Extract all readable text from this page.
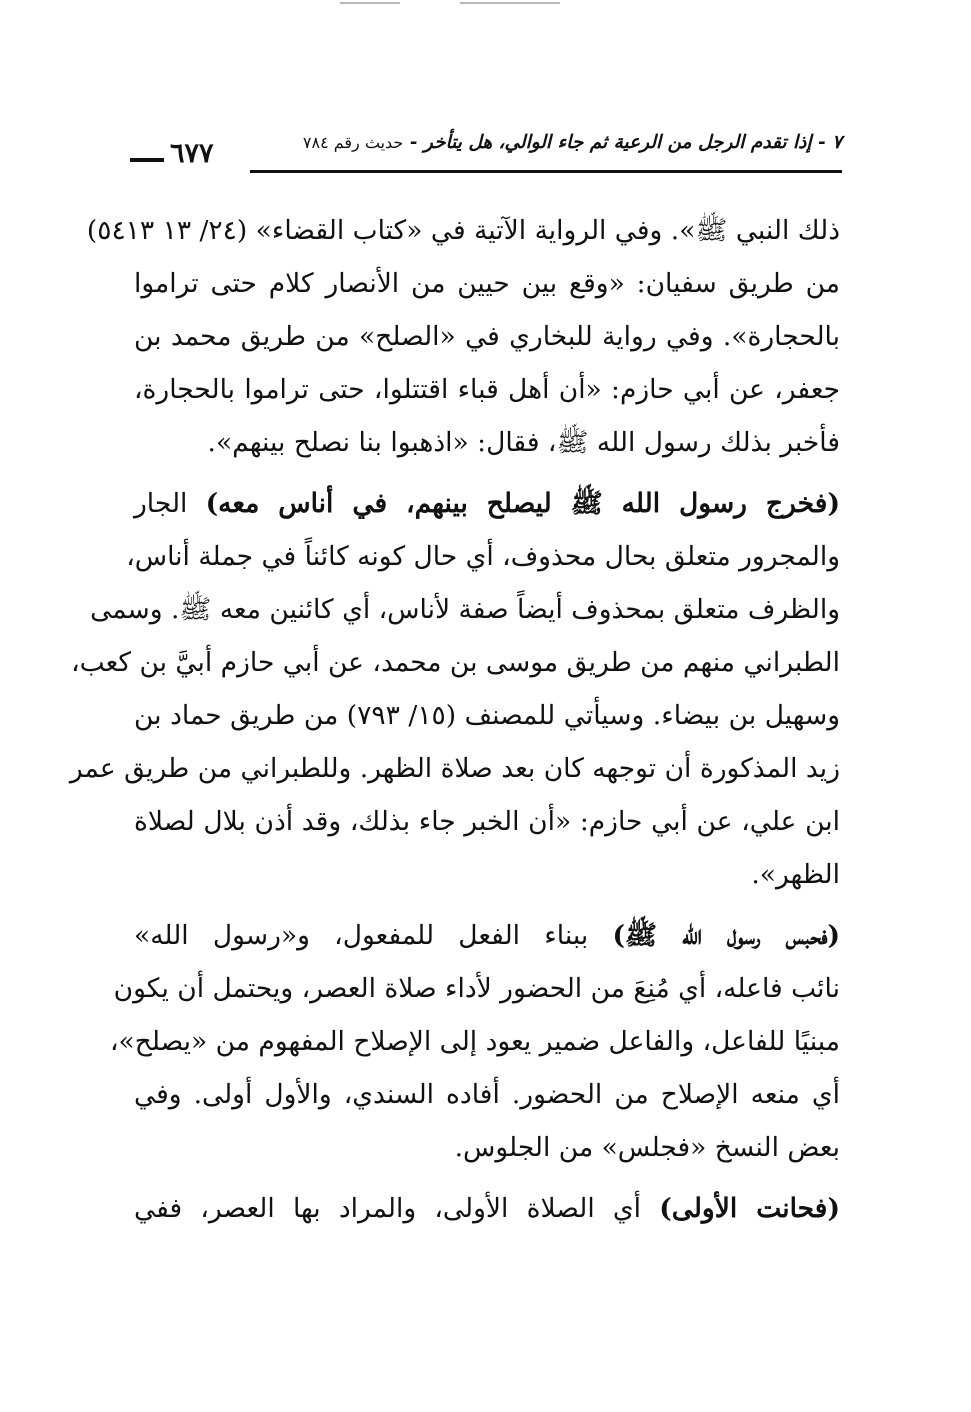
٦٧٧	٧ - إذا تقدم الرجل من الرعية ثم جاء الوالي، هل يتأخر - حديث رقم ٧٨٤
ذلك النبي ﷺ». وفي الرواية الآتية في «كتاب القضاء» (٢٤/ ١٣ ٥٤١٣)
من طريق سفيان: «وقع بين حيين من الأنصار كلام حتى تراموا
بالحجارة». وفي رواية للبخاري في «الصلح» من طريق محمد بن
جعفر، عن أبي حازم: «أن أهل قباء اقتتلوا، حتى تراموا بالحجارة،
فأخبر بذلك رسول الله ﷺ، فقال: «اذهبوا بنا نصلح بينهم».
(فخرج رسول الله ﷺ ليصلح بينهم، في أناس معه) الجار
والمجرور متعلق بحال محذوف، أي حال كونه كائناً في جملة أناس،
والظرف متعلق بمحذوف أيضاً صفة لأناس، أي كائنين معه ﷺ. وسمى
الطبراني منهم من طريق موسى بن محمد، عن أبي حازم أبيَّ بن كعب،
وسهيل بن بيضاء. وسيأتي للمصنف (١٥/ ٧٩٣) من طريق حماد بن
زيد المذكورة أن توجهه كان بعد صلاة الظهر. وللطبراني من طريق عمر
ابن علي، عن أبي حازم: «أن الخبر جاء بذلك، وقد أذن بلال لصلاة
الظهر».
(فحبس رسول الله ﷺ) ببناء الفعل للمفعول، و«رسول الله»
نائب فاعله، أي مُنِعَ من الحضور لأداء صلاة العصر، ويحتمل أن يكون
مبنيًا للفاعل، والفاعل ضمير يعود إلى الإصلاح المفهوم من «يصلح»،
أي منعه الإصلاح من الحضور. أفاده السندي، والأول أولى. وفي
بعض النسخ «فجلس» من الجلوس.
(فحانت الأولى) أي الصلاة الأولى، والمراد بها العصر، ففي
